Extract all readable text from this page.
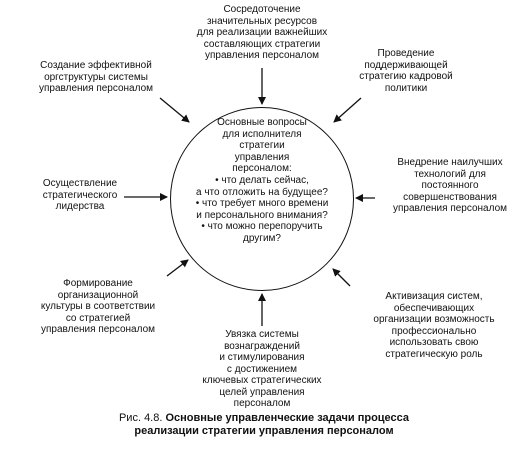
Сосредоточение
значительных ресурсов
для реализации важнейших
составляющих стратегии
управления персоналом
Создание эффективной
оргструктуры системы
управления персоналом
Проведение
поддерживающей
стратегию кадровой
политики
Осуществление
стратегического
лидерства
Внедрение наилучших
технологий для
постоянного
совершенствования
управления персоналом
Формирование
организационной
культуры в соответствии
со стратегией
управления персоналом	Увязка системы
вознаграждений
и стимулирования
с достижением
ключевых стратегических
целей управления
персоналом
Активизация систем,
обеспечивающих
организации возможность
профессионально
использовать свою
стратегическую роль
Основные вопросы
для исполнителя
стратегии
управления
персоналом:
• что делать сейчас,
а что отложить на будущее?
• что требует много времени
и персонального внимания?
• что можно перепоручить
другим?
Рис. 4.8. Основные управленческие задачи процесса
реализации стратегии управления персоналом
